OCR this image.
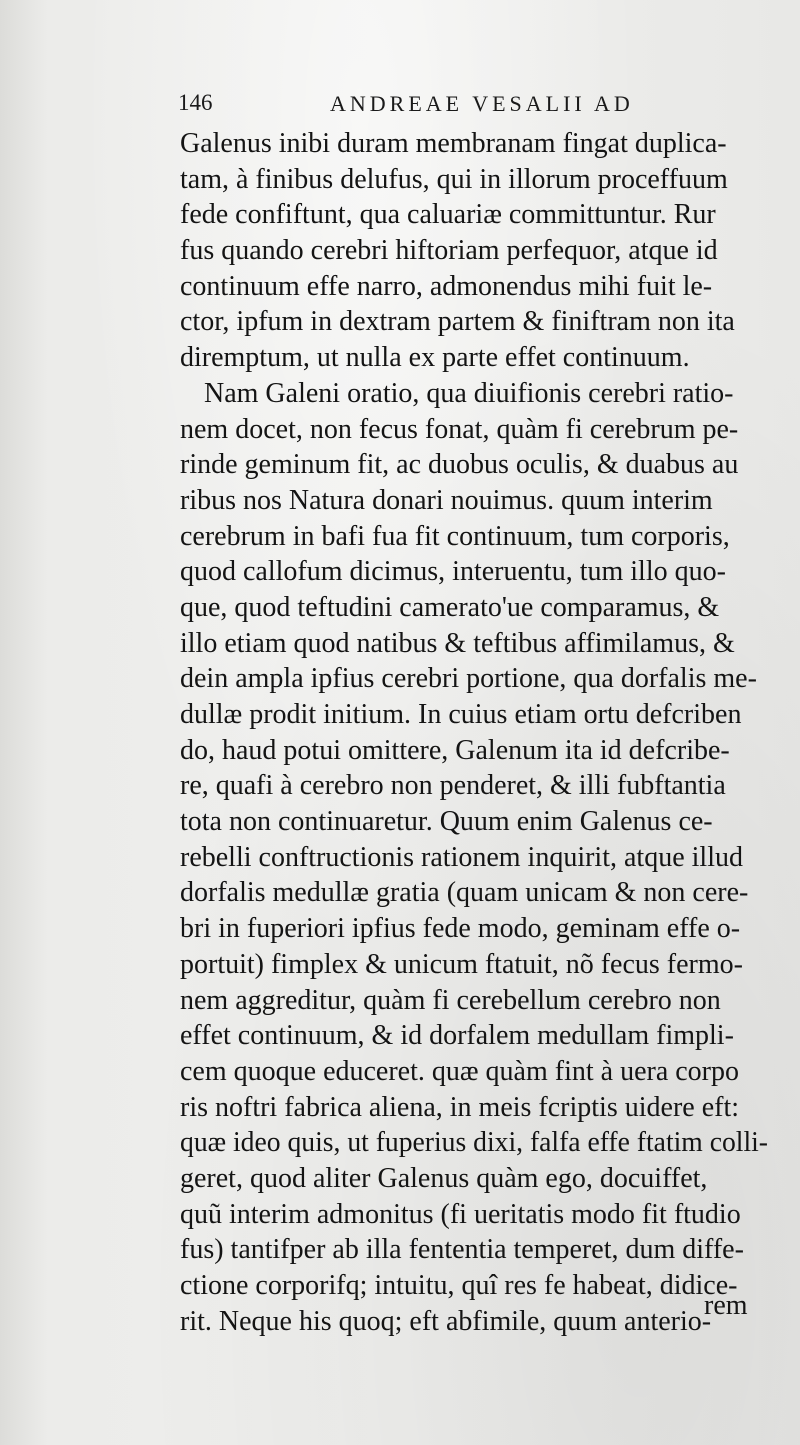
146	ANDREAE VESALII AD
Galenus inibi duram membranam fingat duplica-
tam, à finibus delufus, qui in illorum proceffuum
fede confiftunt, qua caluariæ committuntur. Rur
fus quando cerebri hiftoriam perfequor, atque id
continuum effe narro, admonendus mihi fuit le-
ctor, ipfum in dextram partem & finiftram non ita
diremptum, ut nulla ex parte effet continuum.
Nam Galeni oratio, qua diuifionis cerebri ratio-
nem docet, non fecus fonat, quàm fi cerebrum pe-
rinde geminum fit, ac duobus oculis, & duabus au
ribus nos Natura donari nouimus. quum interim
cerebrum in bafi fua fit continuum, tum corporis,
quod callofum dicimus, interuentu, tum illo quo-
que, quod teftudini camerato'ue comparamus, &
illo etiam quod natibus & teftibus affimilamus, &
dein ampla ipfius cerebri portione, qua dorfalis me-
dullæ prodit initium. In cuius etiam ortu defcriben
do, haud potui omittere, Galenum ita id defcribe-
re, quafi à cerebro non penderet, & illi fubftantia
tota non continuaretur. Quum enim Galenus ce-
rebelli conftructionis rationem inquirit, atque illud
dorfalis medullæ gratia (quam unicam & non cere-
bri in fuperiori ipfius fede modo, geminam effe o-
portuit) fimplex & unicum ftatuit, nõ fecus fermo-
nem aggreditur, quàm fi cerebellum cerebro non
effet continuum, & id dorfalem medullam fimpli-
cem quoque educeret. quæ quàm fint à uera corpo
ris noftri fabrica aliena, in meis fcriptis uidere eft:
quæ ideo quis, ut fuperius dixi, falfa effe ftatim colli-
geret, quod aliter Galenus quàm ego, docuiffet,
quũ interim admonitus (fi ueritatis modo fit ftudio
fus) tantifper ab illa fententia temperet, dum diffe-
ctione corporifq; intuitu, quî res fe habeat, didice-
rit. Neque his quoq; eft abfimile, quum anterio-
rem
